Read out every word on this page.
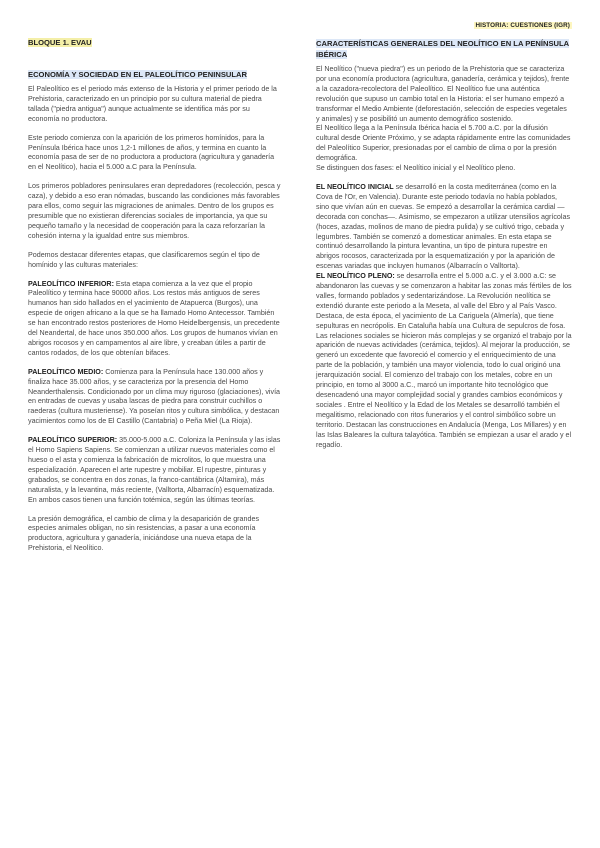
HISTORIA: CUESTIONES (IGR)
BLOQUE 1. EVAU
ECONOMÍA Y SOCIEDAD EN EL PALEOLÍTICO PENINSULAR

El Paleolítico es el periodo más extenso de la Historia y el primer periodo de la Prehistoria, caracterizado en un principio por su cultura material de piedra tallada ("piedra antigua") aunque actualmente se identifica más por su economía no productora.

Este periodo comienza con la aparición de los primeros homínidos, para la Península Ibérica hace unos 1,2-1 millones de años, y termina en cuanto la economía pasa de ser de no productora a productora (agricultura y ganadería en el Neolítico), hacia el 5.000 a.C para la Península.

Los primeros pobladores peninsulares eran depredadores (recolección, pesca y caza), y debido a eso eran nómadas, buscando las condiciones más favorables para ellos, como seguir las migraciones de animales. Dentro de los grupos es presumible que no existieran diferencias sociales de importancia, ya que su pequeño tamaño y la necesidad de cooperación para la caza reforzarían la cohesión interna y la igualdad entre sus miembros.

Podemos destacar diferentes etapas, que clasificaremos según el tipo de homínido y las culturas materiales:

PALEOLÍTICO INFERIOR: Esta etapa comienza a la vez que el propio Paleolítico y termina hace 90000 años. Los restos más antiguos de seres humanos han sido hallados en el yacimiento de Atapuerca (Burgos), una especie de origen africano a la que se ha llamado Homo Antecessor. También se han encontrado restos posteriores de Homo Heidelbergensis, un precedente del Neandertal, de hace unos 350.000 años. Los grupos de humanos vivían en abrigos rocosos y en campamentos al aire libre, y creaban útiles a partir de cantos rodados, de los que obtenían bifaces.

PALEOLÍTICO MEDIO: Comienza para la Península hace 130.000 años y finaliza hace 35.000 años, y se caracteriza por la presencia del Homo Neanderthalensis. Condicionado por un clima muy riguroso (glaciaciones), vivía en entradas de cuevas y usaba lascas de piedra para construir cuchillos o raederas (cultura musteriense). Ya poseían ritos y cultura simbólica, y destacan yacimientos como los de El Castillo (Cantabria) o Peña Miel (La Rioja).

PALEOLÍTICO SUPERIOR: 35.000-5.000 a.C. Coloniza la Península y las islas el Homo Sapiens Sapiens. Se comienzan a utilizar nuevos materiales como el hueso o el asta y comienza la fabricación de microlitos, lo que muestra una especialización. Aparecen el arte rupestre y mobiliar. El rupestre, pinturas y grabados, se concentra en dos zonas, la franco-cantábrica (Altamira), más naturalista, y la levantina, más reciente, (Valltorta, Albarracín) esquematizada. En ambos casos tienen una función totémica, según las últimas teorías.

La presión demográfica, el cambio de clima y la desaparición de grandes especies animales obligan, no sin resistencias, a pasar a una economía productora, agricultura y ganadería, iniciándose una nueva etapa de la Prehistoria, el Neolítico.

CARACTERÍSTICAS GENERALES DEL NEOLÍTICO EN LA PENÍNSULA IBÉRICA

El Neolítico ("nueva piedra") es un periodo de la Prehistoria que se caracteriza por una economía productora (agricultura, ganadería, cerámica y tejidos), frente a la cazadora-recolectora del Paleolítico. El Neolítico fue una auténtica revolución que supuso un cambio total en la Historia: el ser humano empezó a transformar el Medio Ambiente (deforestación, selección de especies vegetales y animales) y se posibilitó un aumento demográfico sostenido.

El Neolítico llega a la Península Ibérica hacia el 5.700 a.C. por la difusión cultural desde Oriente Próximo, y se adapta rápidamente entre las comunidades del Paleolítico Superior, presionadas por el cambio de clima o por la presión demográfica.

Se distinguen dos fases: el Neolítico inicial y el Neolítico pleno.

EL NEOLÍTICO INICIAL se desarrolló en la costa mediterránea (como en la Cova de l'Or, en Valencia). Durante este periodo todavía no había poblados, sino que vivían aún en cuevas. Se empezó a desarrollar la cerámica cardial —decorada con conchas—. Asimismo, se empezaron a utilizar utensilios agrícolas (hoces, azadas, molinos de mano de piedra pulida) y se cultivó trigo, cebada y legumbres. También se comenzó a domesticar animales. En esta etapa se continuó desarrollando la pintura levantina, un tipo de pintura rupestre en abrigos rocosos, caracterizada por la esquematización y por la aparición de escenas variadas que incluyen humanos (Albarracín o Valltorta).

EL NEOLÍTICO PLENO: se desarrolla entre el 5.000 a.C. y el 3.000 a.C: se abandonaron las cuevas y se comenzaron a habitar las zonas más fértiles de los valles, formando poblados y sedentarizándose. La Revolución neolítica se extendió durante este periodo a la Meseta, al valle del Ebro y al País Vasco. Destaca, de esta época, el yacimiento de La Cariguela (Almería), que tiene sepulturas en necrópolis. En Cataluña había una Cultura de sepulcros de fosa. Las relaciones sociales se hicieron más complejas y se organizó el trabajo por la aparición de nuevas actividades (cerámica, tejidos). Al mejorar la producción, se generó un excedente que favoreció el comercio y el enriquecimiento de una parte de la población, y también una mayor violencia, todo lo cual originó una jerarquización social. El comienzo del trabajo con los metales, cobre en un principio, en torno al 3000 a.C., marcó un importante hito tecnológico que desencadenó una mayor complejidad social y grandes cambios económicos y sociales . Entre el Neolítico y la Edad de los Metales se desarrolló también el megalitismo, relacionado con ritos funerarios y el control simbólico sobre un territorio. Destacan las construcciones en Andalucía (Menga, Los Millares) y en las Islas Baleares la cultura talayótica. También se empiezan a usar el arado y el regadío.
